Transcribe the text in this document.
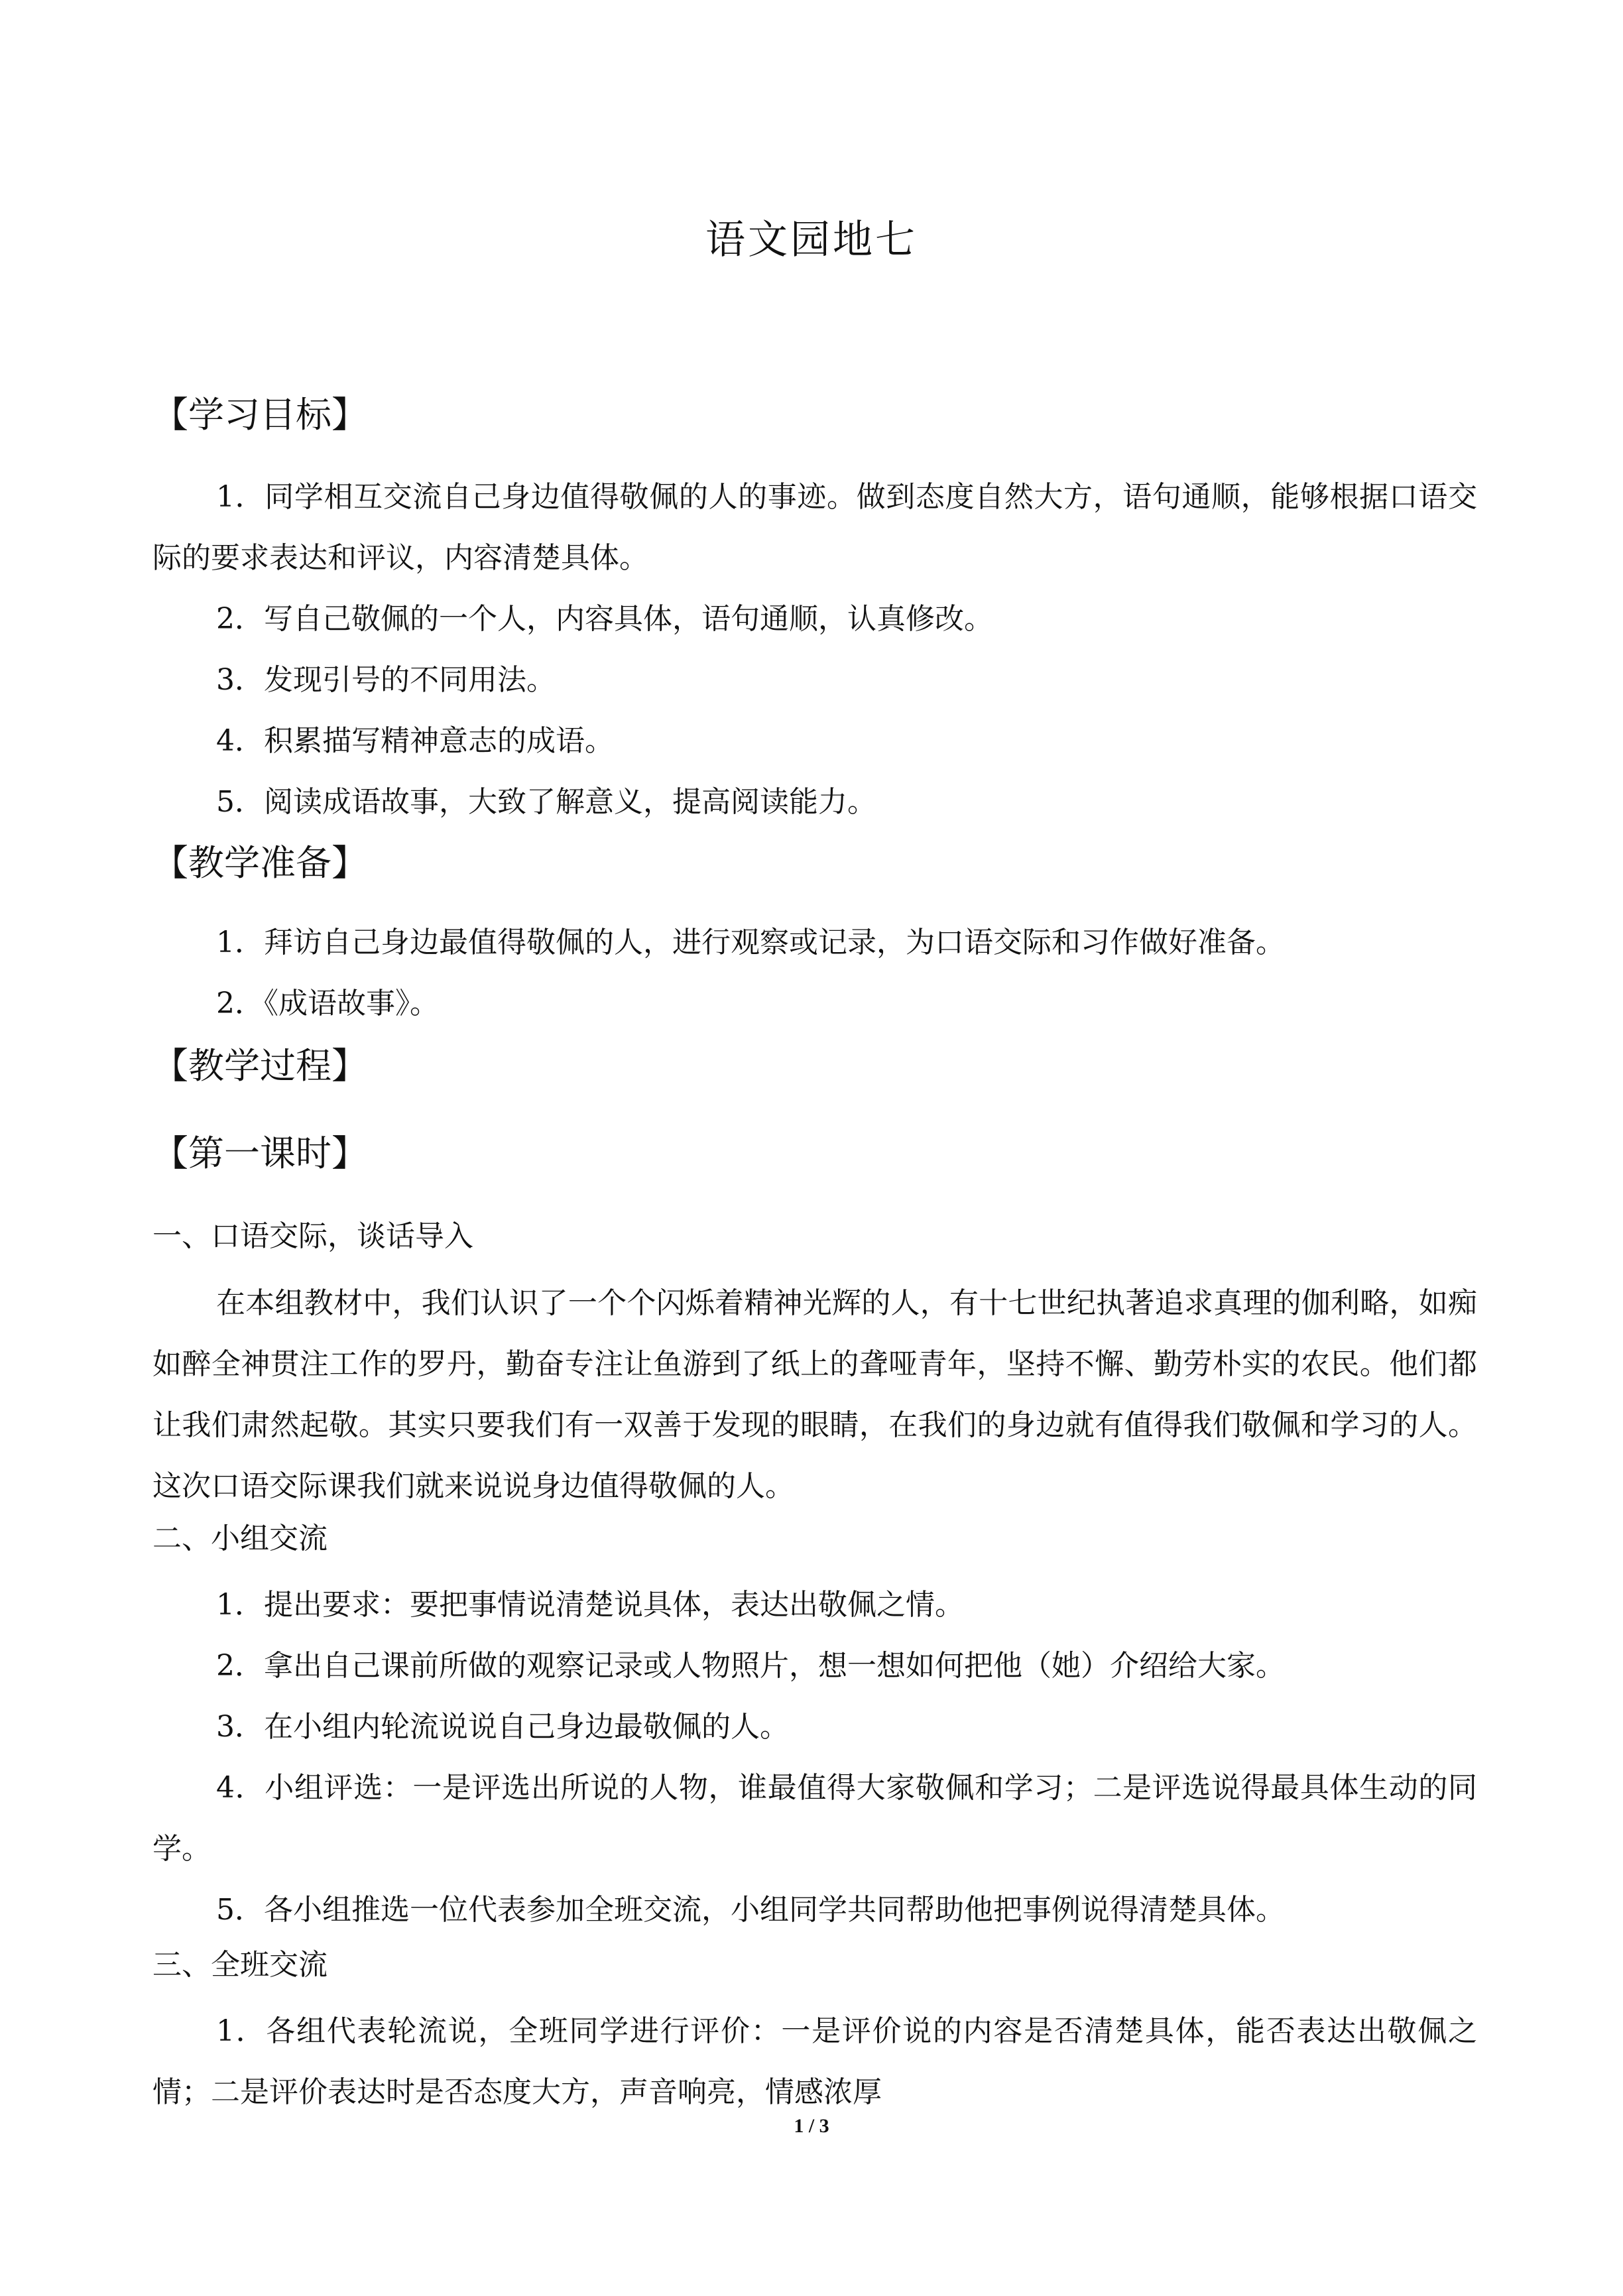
语文园地七
【学习目标】
1．同学相互交流自己身边值得敬佩的人的事迹。做到态度自然大方，语句通顺，能够根据口语交际的要求表达和评议，内容清楚具体。
2．写自己敬佩的一个人，内容具体，语句通顺，认真修改。
3．发现引号的不同用法。
4．积累描写精神意志的成语。
5．阅读成语故事，大致了解意义，提高阅读能力。
【教学准备】
1．拜访自己身边最值得敬佩的人，进行观察或记录，为口语交际和习作做好准备。
2．《成语故事》。
【教学过程】
【第一课时】
一、口语交际，谈话导入
在本组教材中，我们认识了一个个闪烁着精神光辉的人，有十七世纪执著追求真理的伽利略，如痴如醉全神贯注工作的罗丹，勤奋专注让鱼游到了纸上的聋哑青年，坚持不懈、勤劳朴实的农民。他们都让我们肃然起敬。其实只要我们有一双善于发现的眼睛，在我们的身边就有值得我们敬佩和学习的人。这次口语交际课我们就来说说身边值得敬佩的人。
二、小组交流
1．提出要求：要把事情说清楚说具体，表达出敬佩之情。
2．拿出自己课前所做的观察记录或人物照片，想一想如何把他（她）介绍给大家。
3．在小组内轮流说说自己身边最敬佩的人。
4．小组评选：一是评选出所说的人物，谁最值得大家敬佩和学习；二是评选说得最具体生动的同学。
5．各小组推选一位代表参加全班交流，小组同学共同帮助他把事例说得清楚具体。
三、全班交流
1．各组代表轮流说，全班同学进行评价：一是评价说的内容是否清楚具体，能否表达出敬佩之情；二是评价表达时是否态度大方，声音响亮，情感浓厚
1 / 3
